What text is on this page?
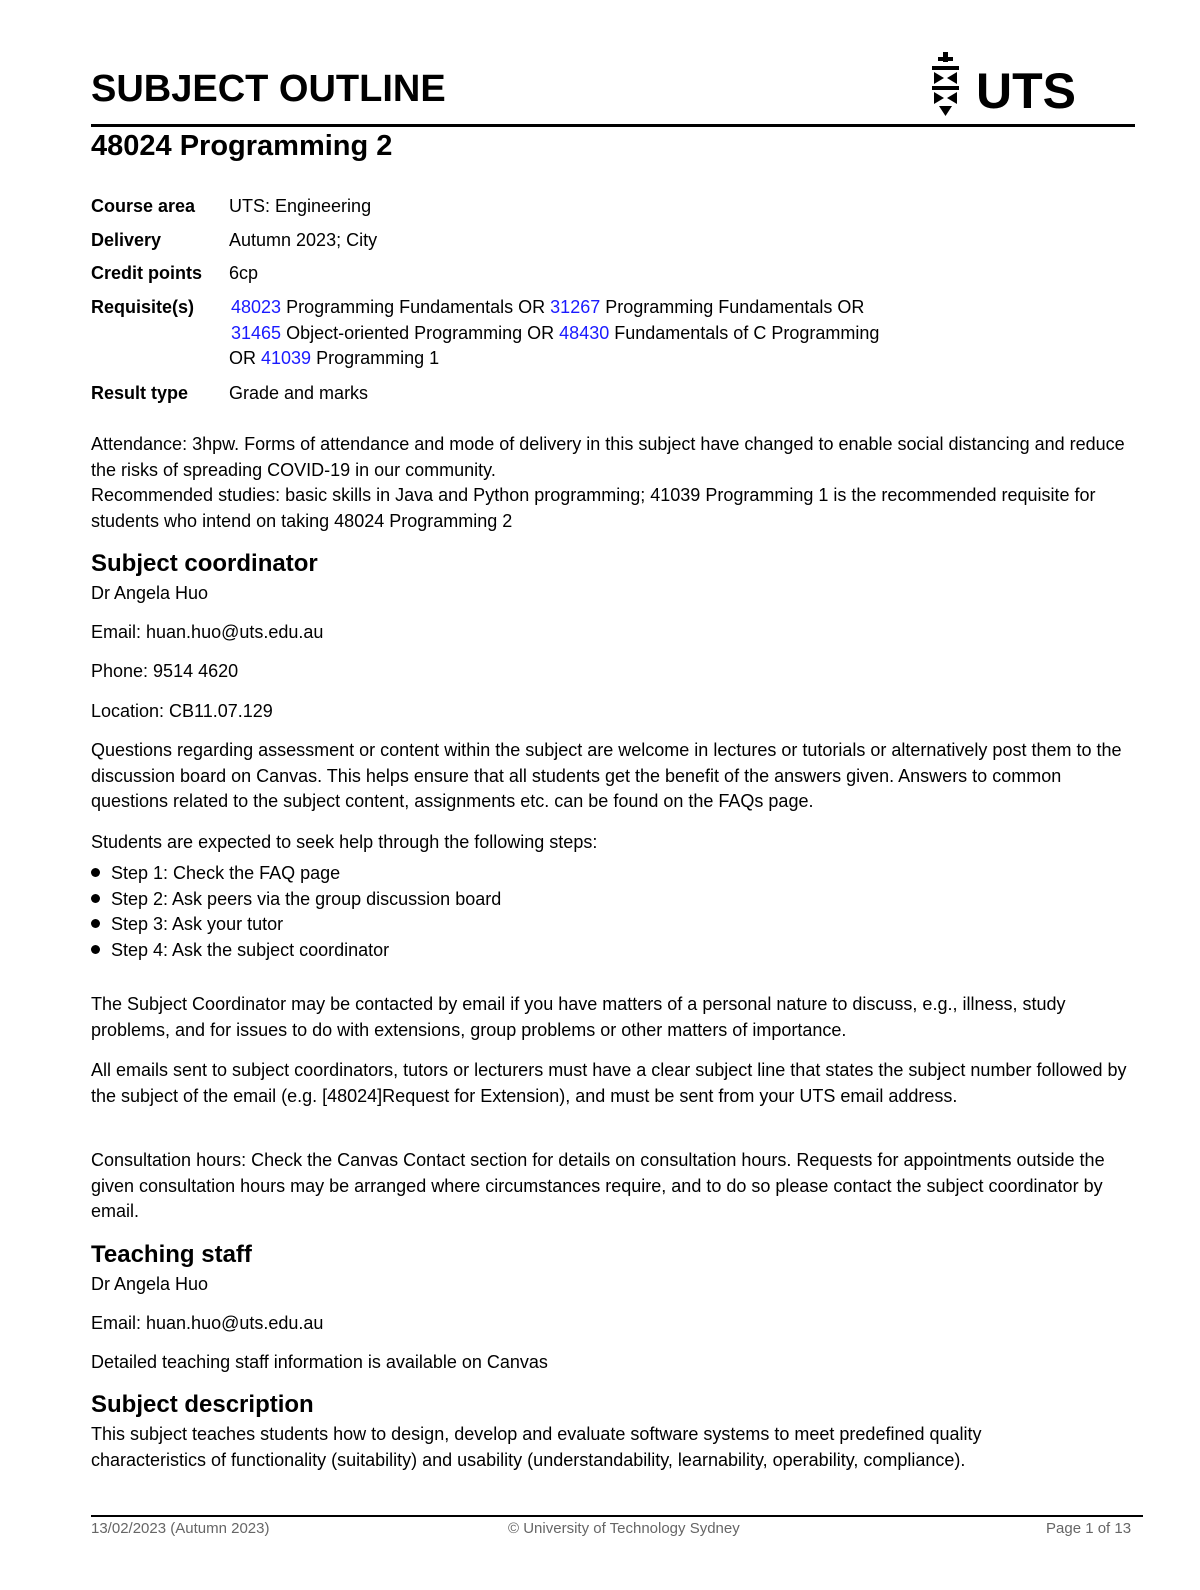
SUBJECT OUTLINE	UTS
48024 Programming 2
Course area UTS: Engineering
Delivery	Autumn 2023; City
Credit points 6cp
Requisite(s) 48023 Programming Fundamentals OR 31267 Programming Fundamentals OR
31465 Object-oriented Programming OR 48430 Fundamentals of C Programming
OR 41039 Programming 1
Result type Grade and marks
Attendance: 3hpw. Forms of attendance and mode of delivery in this subject have changed to enable social distancing and reduce the risks of spreading COVID-19 in our community.
Recommended studies: basic skills in Java and Python programming; 41039 Programming 1 is the recommended requisite for students who intend on taking 48024 Programming 2
Subject coordinator
Dr Angela Huo
Email: huan.huo@uts.edu.au
Phone: 9514 4620
Location: CB11.07.129
Questions regarding assessment or content within the subject are welcome in lectures or tutorials or alternatively post them to the discussion board on Canvas. This helps ensure that all students get the benefit of the answers given. Answers to common questions related to the subject content, assignments etc. can be found on the FAQs page.
Students are expected to seek help through the following steps:
Step 1: Check the FAQ page
Step 2: Ask peers via the group discussion board
Step 3: Ask your tutor
Step 4: Ask the subject coordinator
The Subject Coordinator may be contacted by email if you have matters of a personal nature to discuss, e.g., illness, study problems, and for issues to do with extensions, group problems or other matters of importance.
All emails sent to subject coordinators, tutors or lecturers must have a clear subject line that states the subject number followed by the subject of the email (e.g. [48024]Request for Extension), and must be sent from your UTS email address.
Consultation hours: Check the Canvas Contact section for details on consultation hours. Requests for appointments outside the given consultation hours may be arranged where circumstances require, and to do so please contact the subject coordinator by email.
Teaching staff
Dr Angela Huo
Email: huan.huo@uts.edu.au
Detailed teaching staff information is available on Canvas
Subject description
This subject teaches students how to design, develop and evaluate software systems to meet predefined quality characteristics of functionality (suitability) and usability (understandability, learnability, operability, compliance).
13/02/2023 (Autumn 2023)	© University of Technology Sydney	Page 1 of 13
